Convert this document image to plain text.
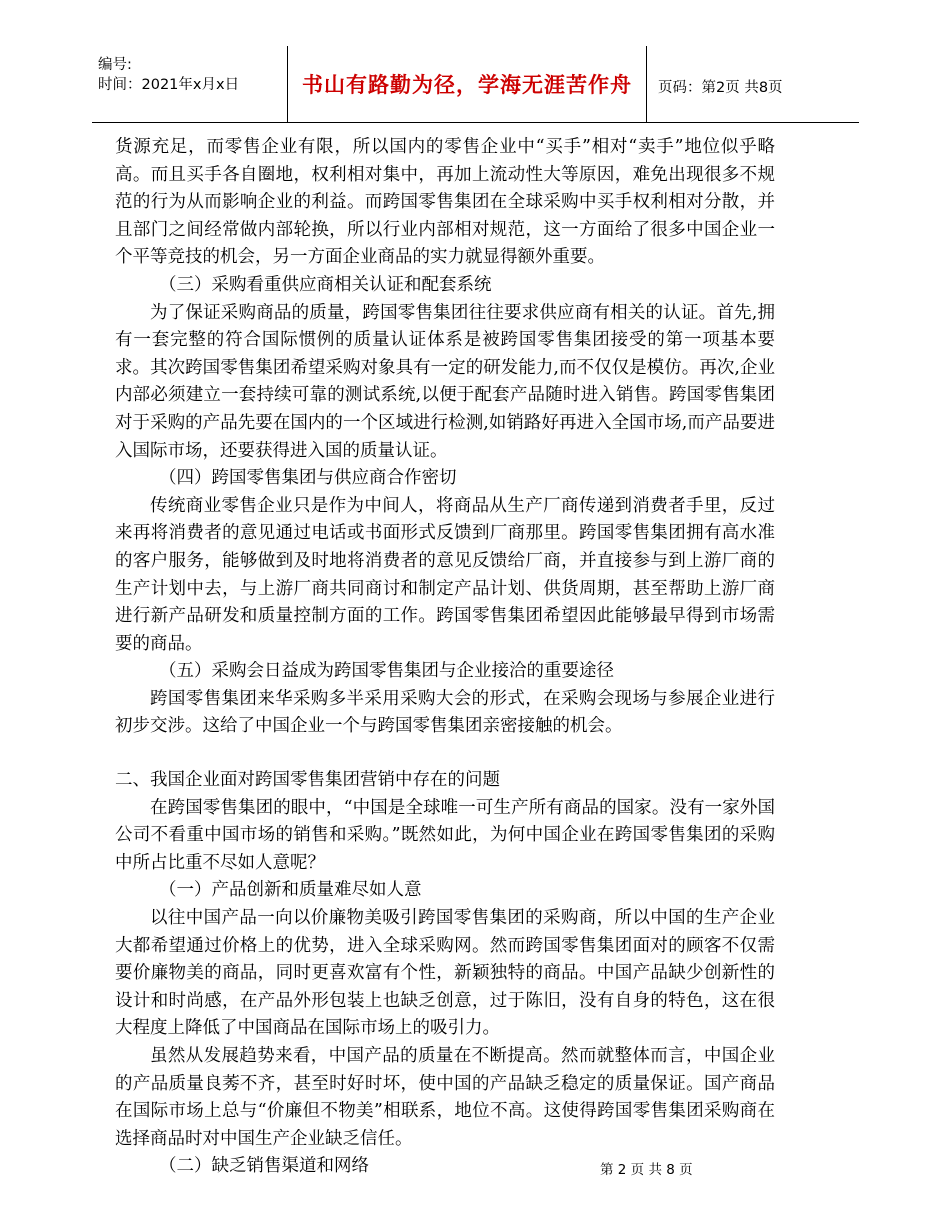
编号:
时间：2021年x月x日	书山有路勤为径，学海无涯苦作舟 页码：第2页 共8页

货源充足，而零售企业有限，所以国内的零售企业中“买手”相对“卖手”地位似乎略高。而且买手各自圈地，权利相对集中，再加上流动性大等原因，难免出现很多不规范的行为从而影响企业的利益。而跨国零售集团在全球采购中买手权利相对分散，并且部门之间经常做内部轮换，所以行业内部相对规范，这一方面给了很多中国企业一个平等竞技的机会，另一方面企业商品的实力就显得额外重要。

（三）采购看重供应商相关认证和配套系统

为了保证采购商品的质量，跨国零售集团往往要求供应商有相关的认证。首先,拥有一套完整的符合国际惯例的质量认证体系是被跨国零售集团接受的第一项基本要求。其次跨国零售集团希望采购对象具有一定的研发能力,而不仅仅是模仿。再次,企业内部必须建立一套持续可靠的测试系统,以便于配套产品随时进入销售。跨国零售集团对于采购的产品先要在国内的一个区域进行检测,如销路好再进入全国市场,而产品要进入国际市场，还要获得进入国的质量认证。

（四）跨国零售集团与供应商合作密切

传统商业零售企业只是作为中间人，将商品从生产厂商传递到消费者手里，反过来再将消费者的意见通过电话或书面形式反馈到厂商那里。跨国零售集团拥有高水准的客户服务，能够做到及时地将消费者的意见反馈给厂商，并直接参与到上游厂商的生产计划中去，与上游厂商共同商讨和制定产品计划、供货周期，甚至帮助上游厂商进行新产品研发和质量控制方面的工作。跨国零售集团希望因此能够最早得到市场需要的商品。

（五）采购会日益成为跨国零售集团与企业接洽的重要途径

跨国零售集团来华采购多半采用采购大会的形式，在采购会现场与参展企业进行初步交涉。这给了中国企业一个与跨国零售集团亲密接触的机会。

二、我国企业面对跨国零售集团营销中存在的问题

在跨国零售集团的眼中，“中国是全球唯一可生产所有商品的国家。没有一家外国公司不看重中国市场的销售和采购。”既然如此，为何中国企业在跨国零售集团的采购中所占比重不尽如人意呢？

（一）产品创新和质量难尽如人意

以往中国产品一向以价廉物美吸引跨国零售集团的采购商，所以中国的生产企业大都希望通过价格上的优势，进入全球采购网。然而跨国零售集团面对的顾客不仅需要价廉物美的商品，同时更喜欢富有个性，新颖独特的商品。中国产品缺少创新性的设计和时尚感，在产品外形包装上也缺乏创意，过于陈旧，没有自身的特色，这在很大程度上降低了中国商品在国际市场上的吸引力。

虽然从发展趋势来看，中国产品的质量在不断提高。然而就整体而言，中国企业的产品质量良莠不齐，甚至时好时坏，使中国的产品缺乏稳定的质量保证。国产商品在国际市场上总与“价廉但不物美”相联系，地位不高。这使得跨国零售集团采购商在选择商品时对中国生产企业缺乏信任。

（二）缺乏销售渠道和网络	第 2 页 共 8 页
